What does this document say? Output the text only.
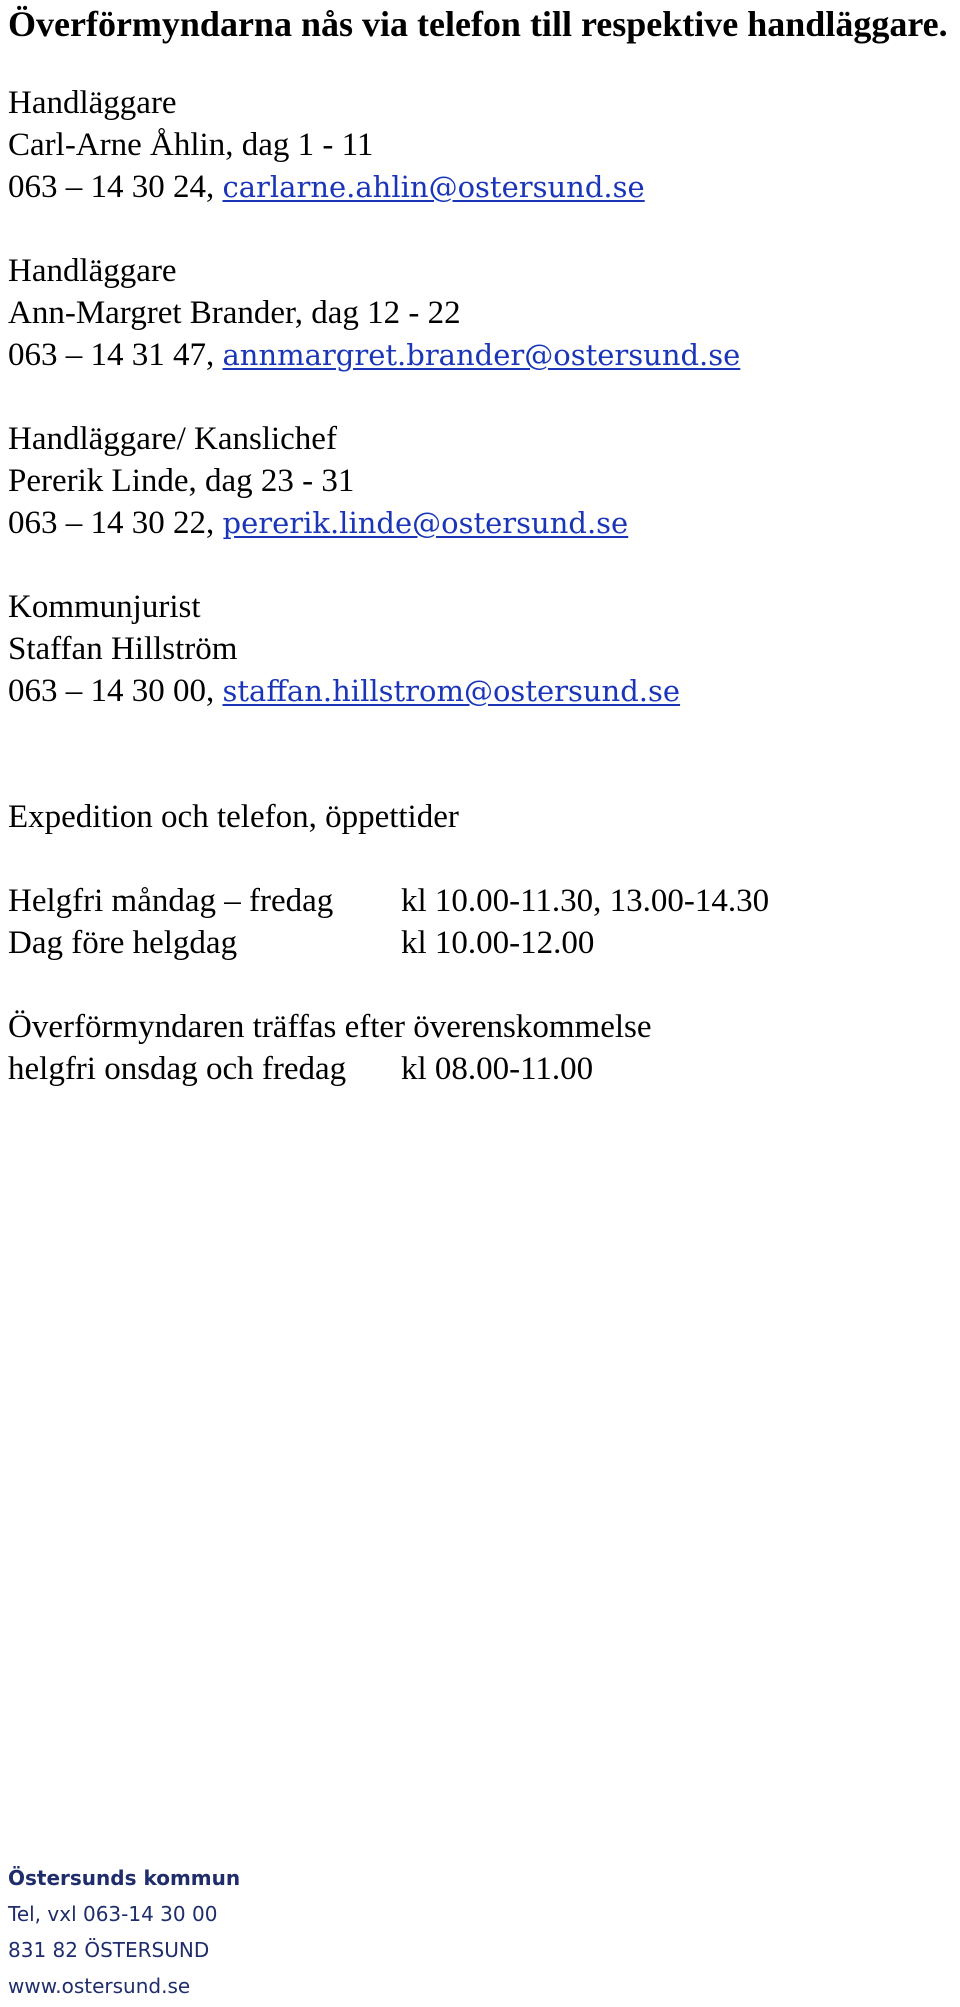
Överförmyndarna nås via telefon till respektive handläggare.
Handläggare
Carl-Arne Åhlin, dag 1 - 11
063 – 14 30 24, carlarne.ahlin@ostersund.se
Handläggare
Ann-Margret Brander, dag 12 - 22
063 – 14 31 47, annmargret.brander@ostersund.se
Handläggare/ Kanslichef
Pererik Linde, dag 23 - 31
063 – 14 30 22, pererik.linde@ostersund.se
Kommunjurist
Staffan Hillström
063 – 14 30 00, staffan.hillstrom@ostersund.se
Expedition och telefon, öppettider
Helgfri måndag – fredag kl 10.00-11.30, 13.00-14.30
Dag före helgdag	kl 10.00-12.00
Överförmyndaren träffas efter överenskommelse
helgfri onsdag och fredag kl 08.00-11.00
Östersunds kommun
Tel, vxl 063-14 30 00
831 82 ÖSTERSUND
www.ostersund.se
